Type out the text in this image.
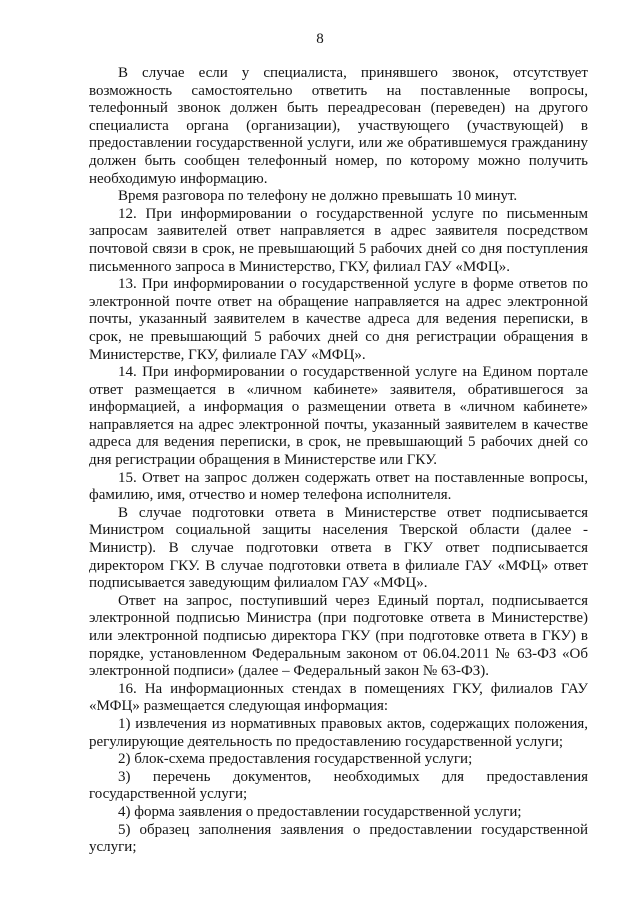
8

В случае если у специалиста, принявшего звонок, отсутствует возможность самостоятельно ответить на поставленные вопросы, телефонный звонок должен быть переадресован (переведен) на другого специалиста органа (организации), участвующего (участвующей) в предоставлении государственной услуги, или же обратившемуся гражданину должен быть сообщен телефонный номер, по которому можно получить необходимую информацию.

Время разговора по телефону не должно превышать 10 минут.

12. При информировании о государственной услуге по письменным запросам заявителей ответ направляется в адрес заявителя посредством почтовой связи в срок, не превышающий 5 рабочих дней со дня поступления письменного запроса в Министерство, ГКУ, филиал ГАУ «МФЦ».

13. При информировании о государственной услуге в форме ответов по электронной почте ответ на обращение направляется на адрес электронной почты, указанный заявителем в качестве адреса для ведения переписки, в срок, не превышающий 5 рабочих дней со дня регистрации обращения в Министерстве, ГКУ, филиале ГАУ «МФЦ».

14. При информировании о государственной услуге на Едином портале ответ размещается в «личном кабинете» заявителя, обратившегося за информацией, а информация о размещении ответа в «личном кабинете» направляется на адрес электронной почты, указанный заявителем в качестве адреса для ведения переписки, в срок, не превышающий 5 рабочих дней со дня регистрации обращения в Министерстве или ГКУ.

15. Ответ на запрос должен содержать ответ на поставленные вопросы, фамилию, имя, отчество и номер телефона исполнителя.

В случае подготовки ответа в Министерстве ответ подписывается Министром социальной защиты населения Тверской области (далее - Министр). В случае подготовки ответа в ГКУ ответ подписывается директором ГКУ. В случае подготовки ответа в филиале ГАУ «МФЦ» ответ подписывается заведующим филиалом ГАУ «МФЦ».

Ответ на запрос, поступивший через Единый портал, подписывается электронной подписью Министра (при подготовке ответа в Министерстве) или электронной подписью директора ГКУ (при подготовке ответа в ГКУ) в порядке, установленном Федеральным законом от 06.04.2011 № 63-ФЗ «Об электронной подписи» (далее – Федеральный закон № 63-ФЗ).

16. На информационных стендах в помещениях ГКУ, филиалов ГАУ «МФЦ» размещается следующая информация:

1) извлечения из нормативных правовых актов, содержащих положения, регулирующие деятельность по предоставлению государственной услуги;

2) блок-схема предоставления государственной услуги;

3) перечень документов, необходимых для предоставления государственной услуги;

4) форма заявления о предоставлении государственной услуги;

5) образец заполнения заявления о предоставлении государственной услуги;
